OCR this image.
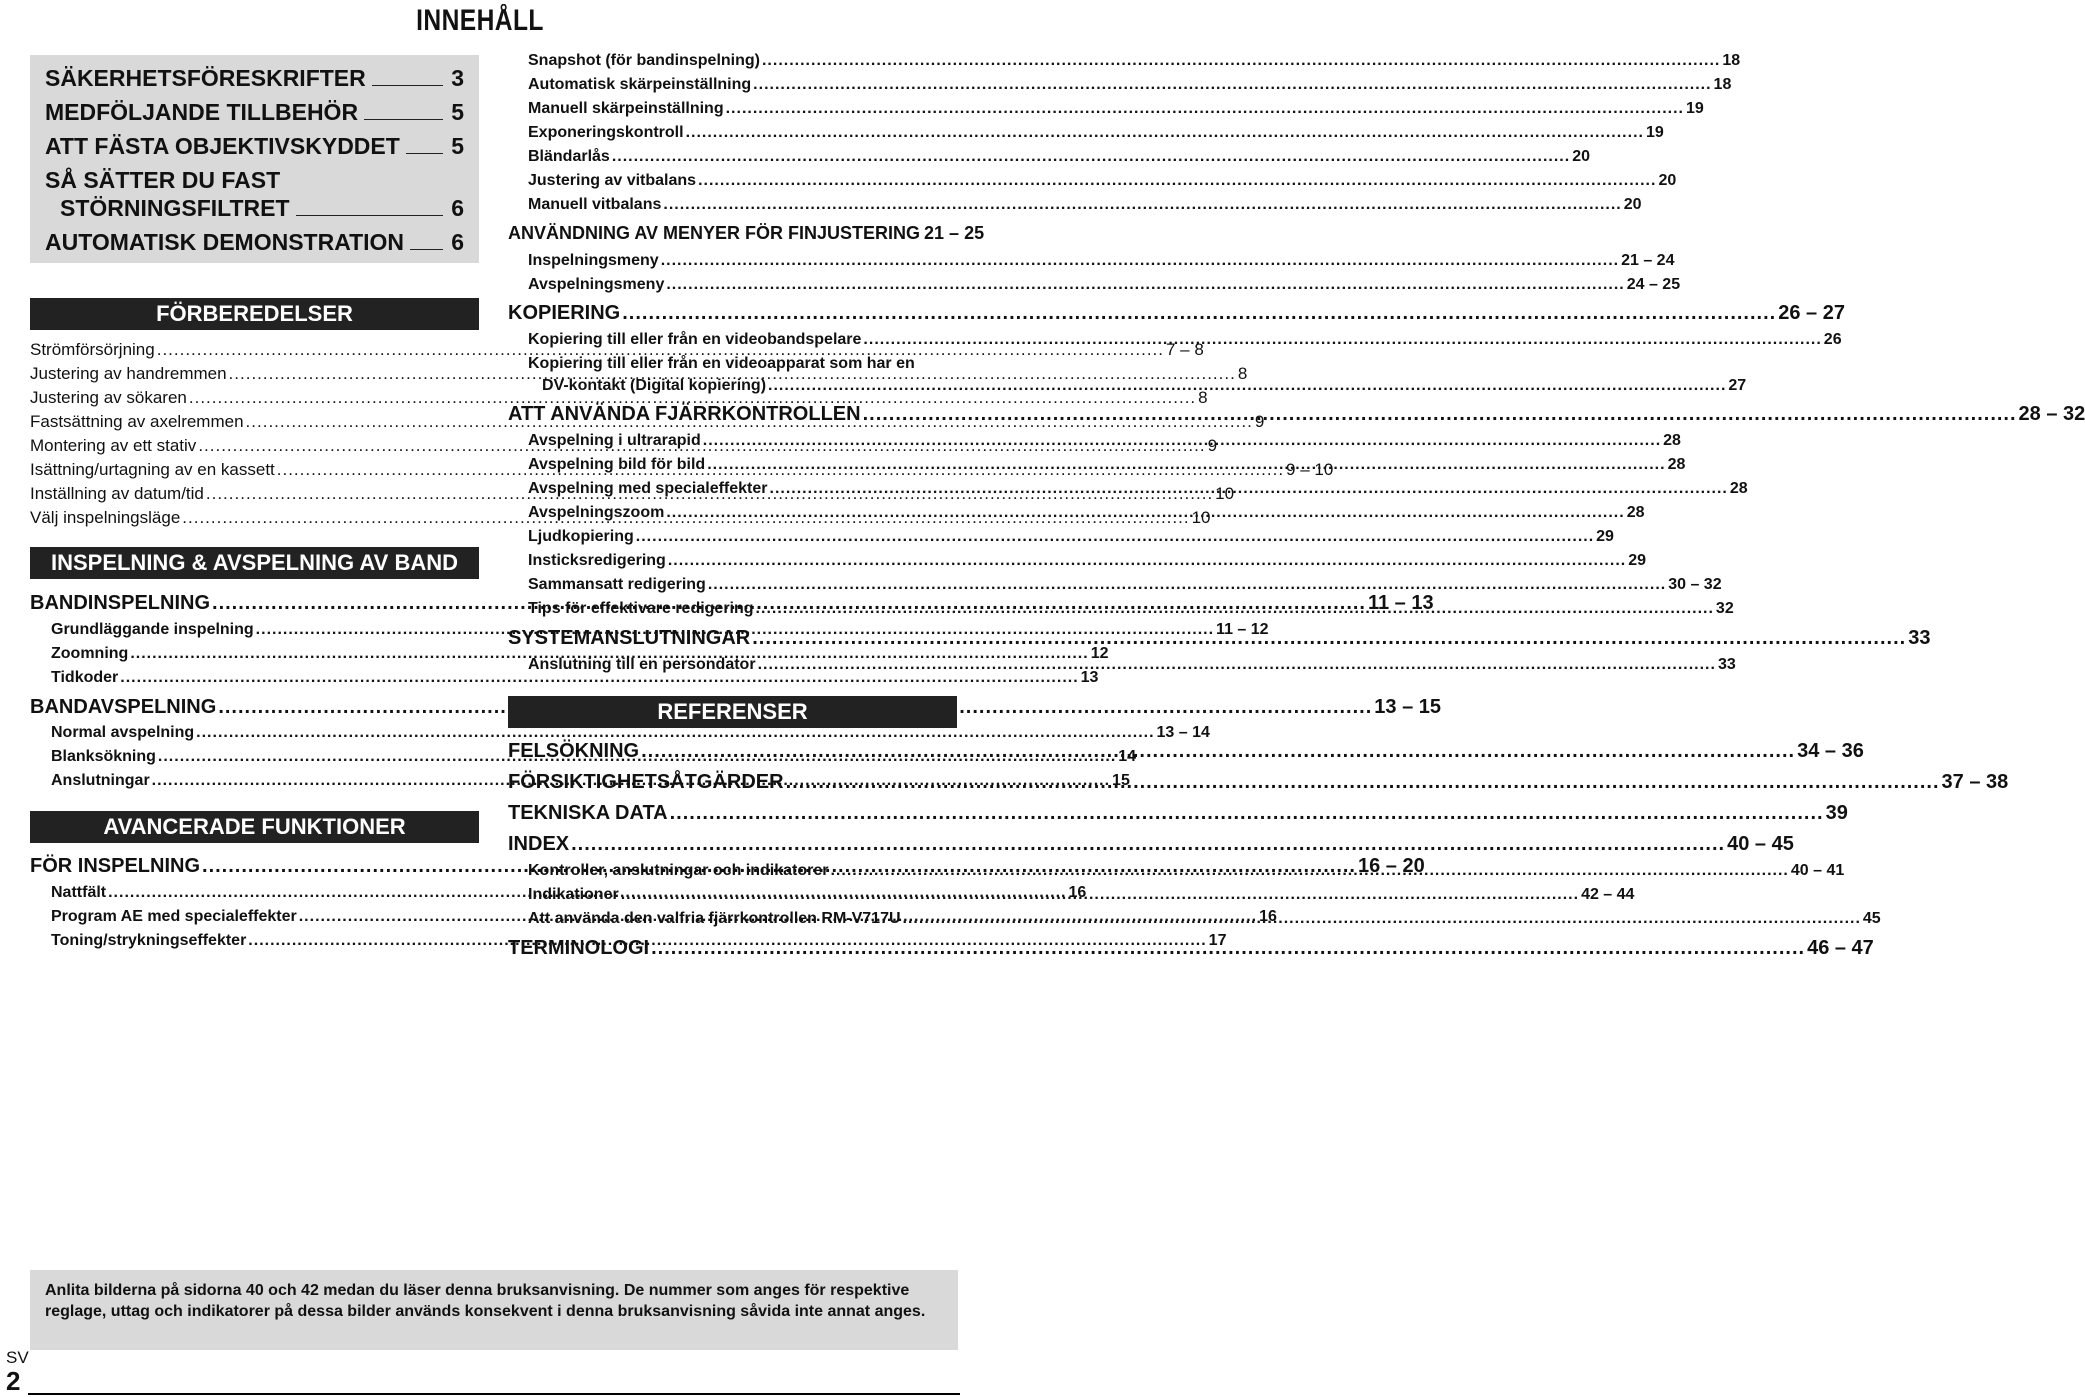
INNEHÅLL
SÄKERHETSFÖRESKRIFTER	3
MEDFÖLJANDE TILLBEHÖR	5
ATT FÄSTA OBJEKTIVSKYDDET 5
SÅ SÄTTER DU FAST
STÖRNINGSFILTRET	6
AUTOMATISK DEMONSTRATION 6
FÖRBEREDELSER
Strömförsörjning .....	7 – 8
Justering av handremmen .....	8
Justering av sökaren .....	8
Fastsättning av axelremmen .....	9
Montering av ett stativ .....	9
Isättning/urtagning av en kassett .....	9 – 10
Inställning av datum/tid .....	10
Välj inspelningsläge .....	10
INSPELNING & AVSPELNING AV BAND
BANDINSPELNING .....	11 – 13
Grundläggande inspelning .....	11 – 12
Zoomning .....	12
Tidkoder .....	13
BANDAVSPELNING .....	13 – 15
Normal avspelning .....	13 – 14
Blanksökning .....	14
Anslutningar .....	15
AVANCERADE FUNKTIONER
FÖR INSPELNING .....	16 – 20
Nattfält .....	16
Program AE med specialeffekter .....	16
Toning/strykningseffekter .....	17
Snapshot (för bandinspelning) .....	18
Automatisk skärpeinställning .....	18
Manuell skärpeinställning .....	19
Exponeringskontroll .....	19
Bländarlås .....	20
Justering av vitbalans .....	20
Manuell vitbalans .....	20
ANVÄNDNING AV MENYER FÖR FINJUSTERING 21 – 25
Inspelningsmeny .....	21 – 24
Avspelningsmeny .....	24 – 25
KOPIERING .....	26 – 27
Kopiering till eller från en videobandspelare .....	26
Kopiering till eller från en videoapparat som har en
DV-kontakt (Digital kopiering) .....	27
ATT ANVÄNDA FJÄRRKONTROLLEN .....	28 – 32
Avspelning i ultrarapid .....	28
Avspelning bild för bild .....	28
Avspelning med specialeffekter .....	28
Avspelningszoom .....	28
Ljudkopiering .....	29
Insticksredigering .....	29
Sammansatt redigering .....	30 – 32
Tips för effektivare redigering .....	32
SYSTEMANSLUTNINGAR .....	33
Anslutning till en persondator .....	33
REFERENSER
FELSÖKNING .....	34 – 36
FÖRSIKTIGHETSÅTGÄRDER .....	37 – 38
TEKNISKA DATA .....	39
INDEX .....	40 – 45
Kontroller, anslutningar och indikatorer .....	40 – 41
Indikationer .....	42 – 44
Att använda den valfria fjärrkontrollen RM-V717U .....	45
TERMINOLOGI .....	46 – 47
Anlita bilderna på sidorna 40 och 42 medan du läser denna bruksanvisning. De nummer som anges för respektive reglage, uttag och indikatorer på dessa bilder används konsekvent i denna bruksanvisning såvida inte annat anges.
SV
2
